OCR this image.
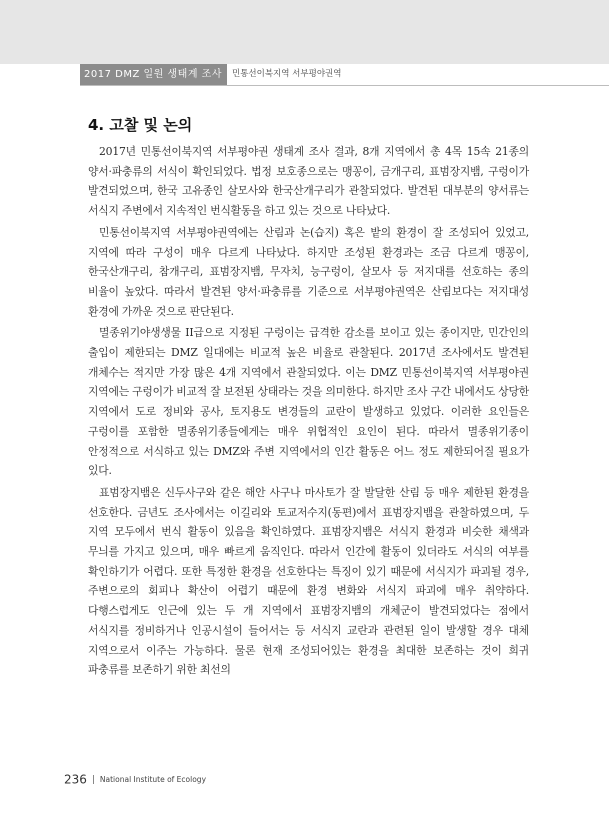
2017 DMZ 일원 생태계 조사	민통선이북지역 서부평야권역
4. 고찰 및 논의

2017년 민통선이북지역 서부평야권 생태계 조사 결과, 8개 지역에서 총 4목 15속 21종의 양서·파충류의 서식이 확인되었다. 법정 보호종으로는 맹꽁이, 금개구리, 표범장지뱀, 구렁이가 발견되었으며, 한국 고유종인 살모사와 한국산개구리가 관찰되었다. 발견된 대부분의 양서류는 서식지 주변에서 지속적인 번식활동을 하고 있는 것으로 나타났다.

민통선이북지역 서부평야권역에는 산림과 논(습지) 혹은 밭의 환경이 잘 조성되어 있었고, 지역에 따라 구성이 매우 다르게 나타났다. 하지만 조성된 환경과는 조금 다르게 맹꽁이, 한국산개구리, 참개구리, 표범장지뱀, 무자치, 능구렁이, 살모사 등 저지대를 선호하는 종의 비율이 높았다. 따라서 발견된 양서·파충류를 기준으로 서부평야권역은 산림보다는 저지대성 환경에 가까운 것으로 판단된다.

멸종위기야생생물 II급으로 지정된 구렁이는 급격한 감소를 보이고 있는 종이지만, 민간인의 출입이 제한되는 DMZ 일대에는 비교적 높은 비율로 관찰된다. 2017년 조사에서도 발견된 개체수는 적지만 가장 많은 4개 지역에서 관찰되었다. 이는 DMZ 민통선이북지역 서부평야권 지역에는 구렁이가 비교적 잘 보전된 상태라는 것을 의미한다. 하지만 조사 구간 내에서도 상당한 지역에서 도로 정비와 공사, 토지용도 변경들의 교란이 발생하고 있었다. 이러한 요인들은 구렁이를 포함한 멸종위기종들에게는 매우 위협적인 요인이 된다. 따라서 멸종위기종이 안정적으로 서식하고 있는 DMZ와 주변 지역에서의 인간 활동은 어느 정도 제한되어질 필요가 있다.

표범장지뱀은 신두사구와 같은 해안 사구나 마사토가 잘 발달한 산림 등 매우 제한된 환경을 선호한다. 금년도 조사에서는 이길리와 토교저수지(동편)에서 표범장지뱀을 관찰하였으며, 두 지역 모두에서 번식 활동이 있음을 확인하였다. 표범장지뱀은 서식지 환경과 비슷한 채색과 무늬를 가지고 있으며, 매우 빠르게 움직인다. 따라서 인간에 활동이 있더라도 서식의 여부를 확인하기가 어렵다. 또한 특정한 환경을 선호한다는 특징이 있기 때문에 서식지가 파괴될 경우, 주변으로의 회피나 확산이 어렵기 때문에 환경 변화와 서식지 파괴에 매우 취약하다. 다행스럽게도 인근에 있는 두 개 지역에서 표범장지뱀의 개체군이 발견되었다는 점에서 서식지를 정비하거나 인공시설이 들어서는 등 서식지 교란과 관련된 일이 발생할 경우 대체 지역으로서 이주는 가능하다. 물론 현재 조성되어있는 환경을 최대한 보존하는 것이 희귀 파충류를 보존하기 위한 최선의

236 National Institute of Ecology
